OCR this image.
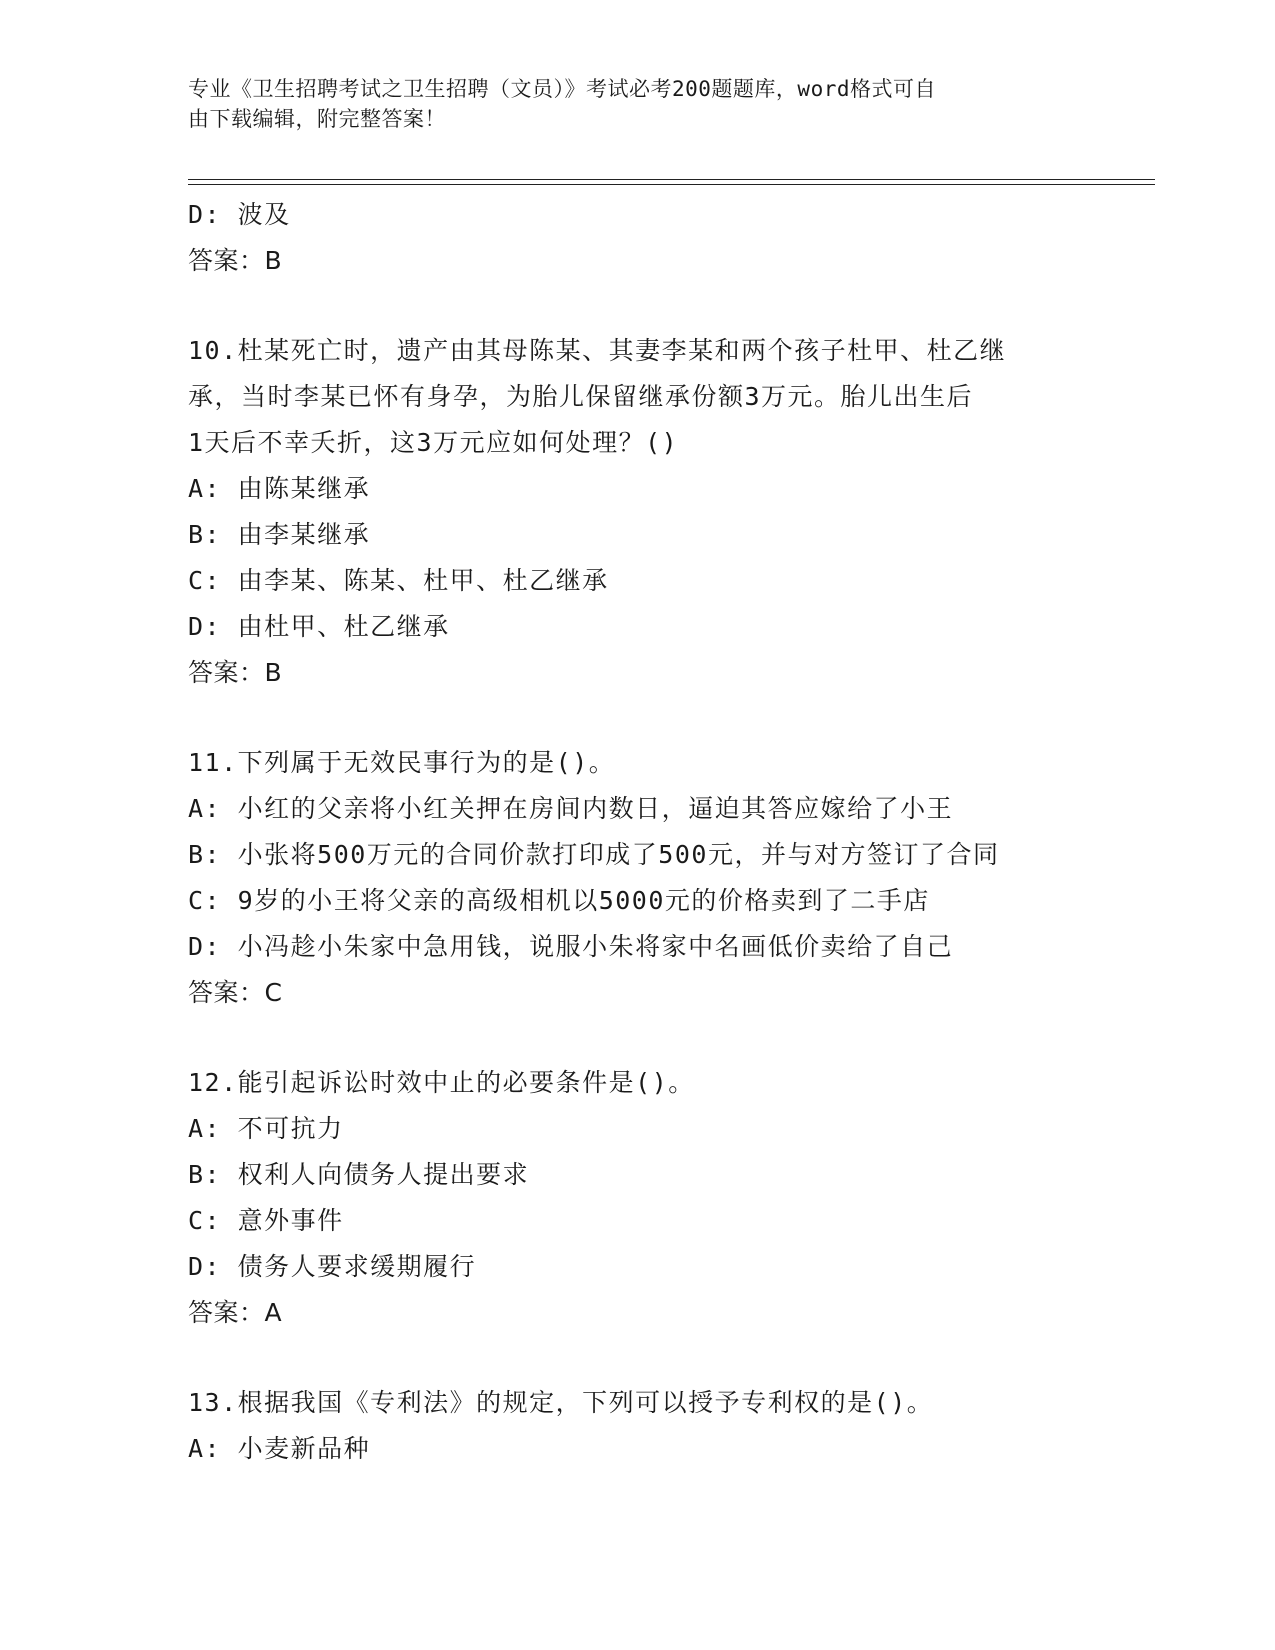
专业《卫生招聘考试之卫生招聘（文员）》考试必考200题题库，word格式可自
由下载编辑，附完整答案！
D: 波及
答案：B
10.杜某死亡时，遗产由其母陈某、其妻李某和两个孩子杜甲、杜乙继
承，当时李某已怀有身孕，为胎儿保留继承份额3万元。胎儿出生后
1天后不幸夭折，这3万元应如何处理？()
A: 由陈某继承
B: 由李某继承
C: 由李某、陈某、杜甲、杜乙继承
D: 由杜甲、杜乙继承
答案：B
11.下列属于无效民事行为的是()。
A: 小红的父亲将小红关押在房间内数日，逼迫其答应嫁给了小王
B: 小张将500万元的合同价款打印成了500元，并与对方签订了合同
C: 9岁的小王将父亲的高级相机以5000元的价格卖到了二手店
D: 小冯趁小朱家中急用钱，说服小朱将家中名画低价卖给了自己
答案：C
12.能引起诉讼时效中止的必要条件是()。
A: 不可抗力
B: 权利人向债务人提出要求
C: 意外事件
D: 债务人要求缓期履行
答案：A
13.根据我国《专利法》的规定，下列可以授予专利权的是()。
A: 小麦新品种
